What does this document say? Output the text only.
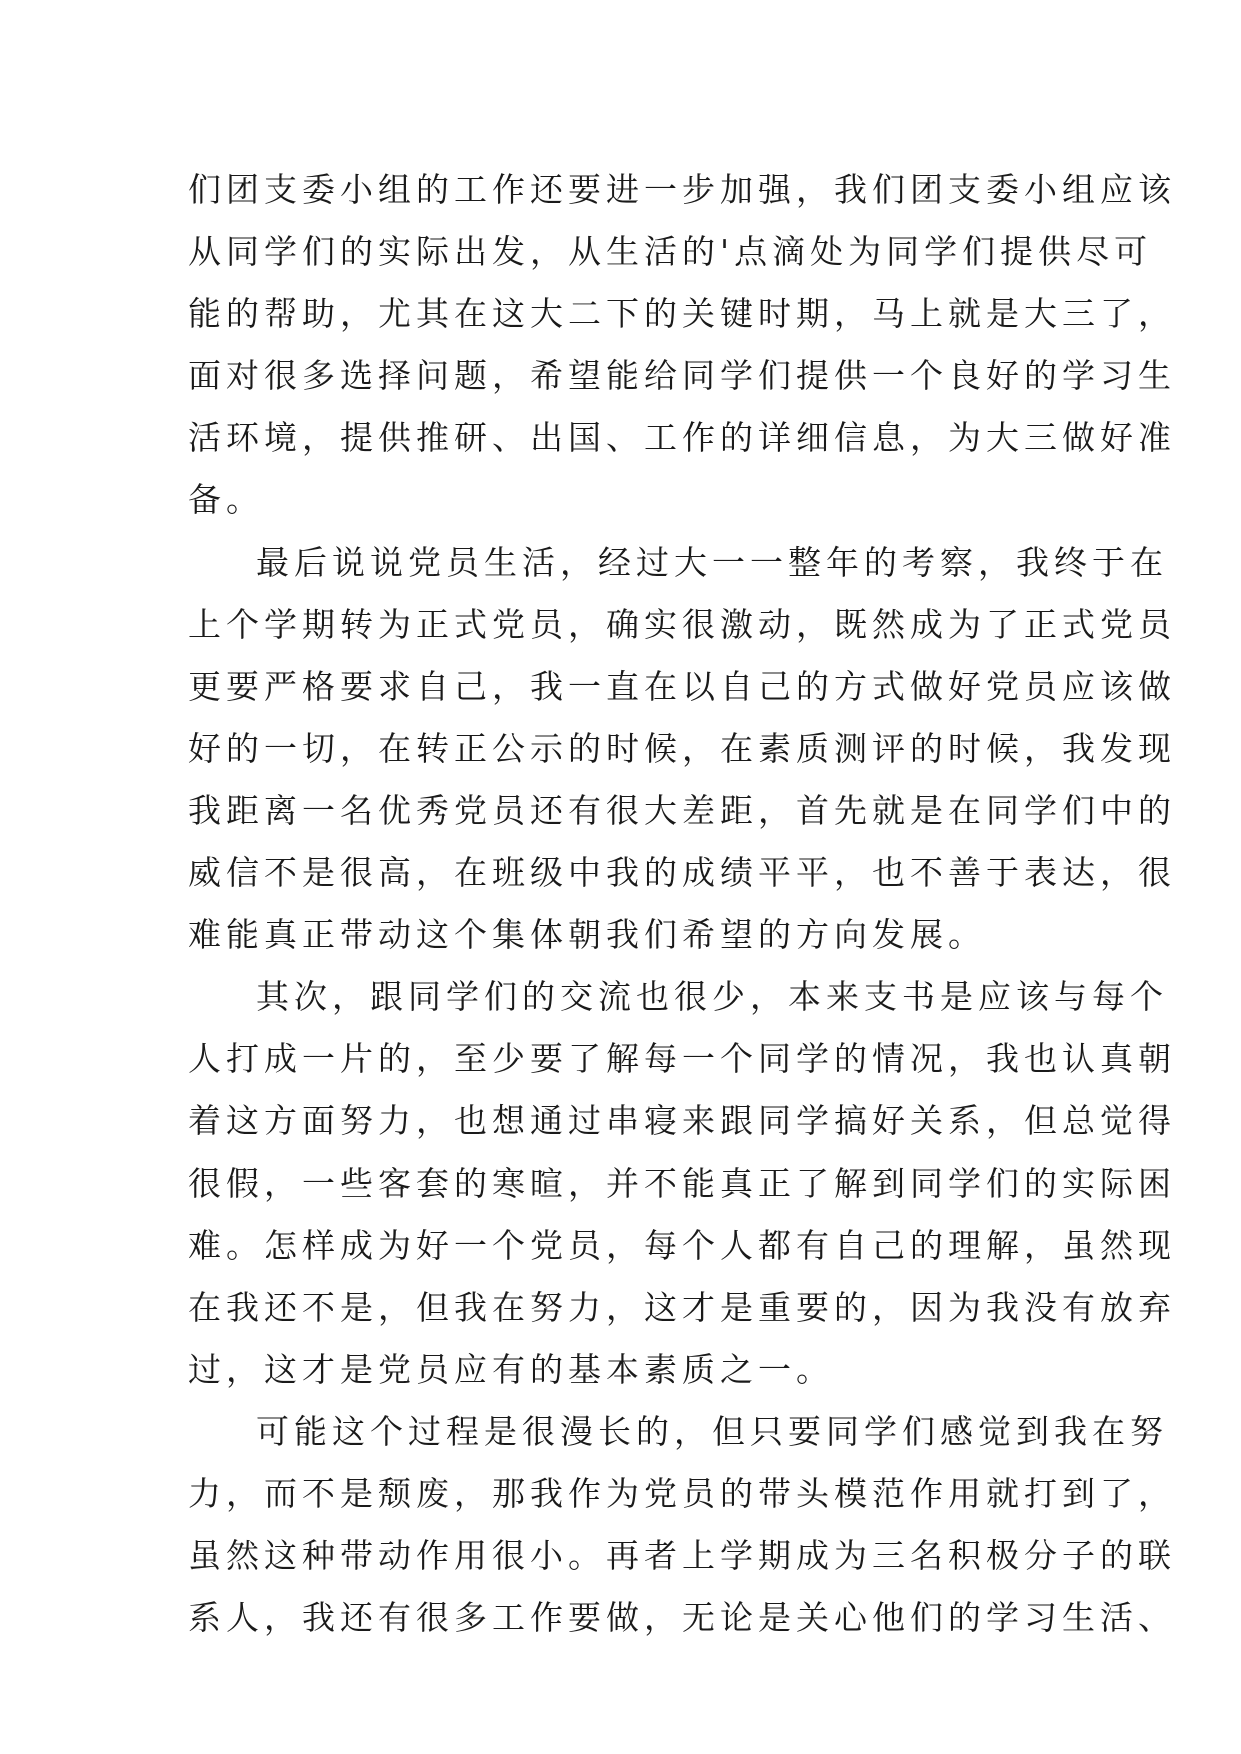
们团支委小组的工作还要进一步加强，我们团支委小组应该
从同学们的实际出发，从生活的'点滴处为同学们提供尽可
能的帮助，尤其在这大二下的关键时期，马上就是大三了，
面对很多选择问题，希望能给同学们提供一个良好的学习生
活环境，提供推研、出国、工作的详细信息，为大三做好准
备。
最后说说党员生活，经过大一一整年的考察，我终于在
上个学期转为正式党员，确实很激动，既然成为了正式党员
更要严格要求自己，我一直在以自己的方式做好党员应该做
好的一切，在转正公示的时候，在素质测评的时候，我发现
我距离一名优秀党员还有很大差距，首先就是在同学们中的
威信不是很高，在班级中我的成绩平平，也不善于表达，很
难能真正带动这个集体朝我们希望的方向发展。
其次，跟同学们的交流也很少，本来支书是应该与每个
人打成一片的，至少要了解每一个同学的情况，我也认真朝
着这方面努力，也想通过串寝来跟同学搞好关系，但总觉得
很假，一些客套的寒暄，并不能真正了解到同学们的实际困
难。怎样成为好一个党员，每个人都有自己的理解，虽然现
在我还不是，但我在努力，这才是重要的，因为我没有放弃
过，这才是党员应有的基本素质之一。
可能这个过程是很漫长的，但只要同学们感觉到我在努
力，而不是颓废，那我作为党员的带头模范作用就打到了，
虽然这种带动作用很小。再者上学期成为三名积极分子的联
系人，我还有很多工作要做，无论是关心他们的学习生活、
